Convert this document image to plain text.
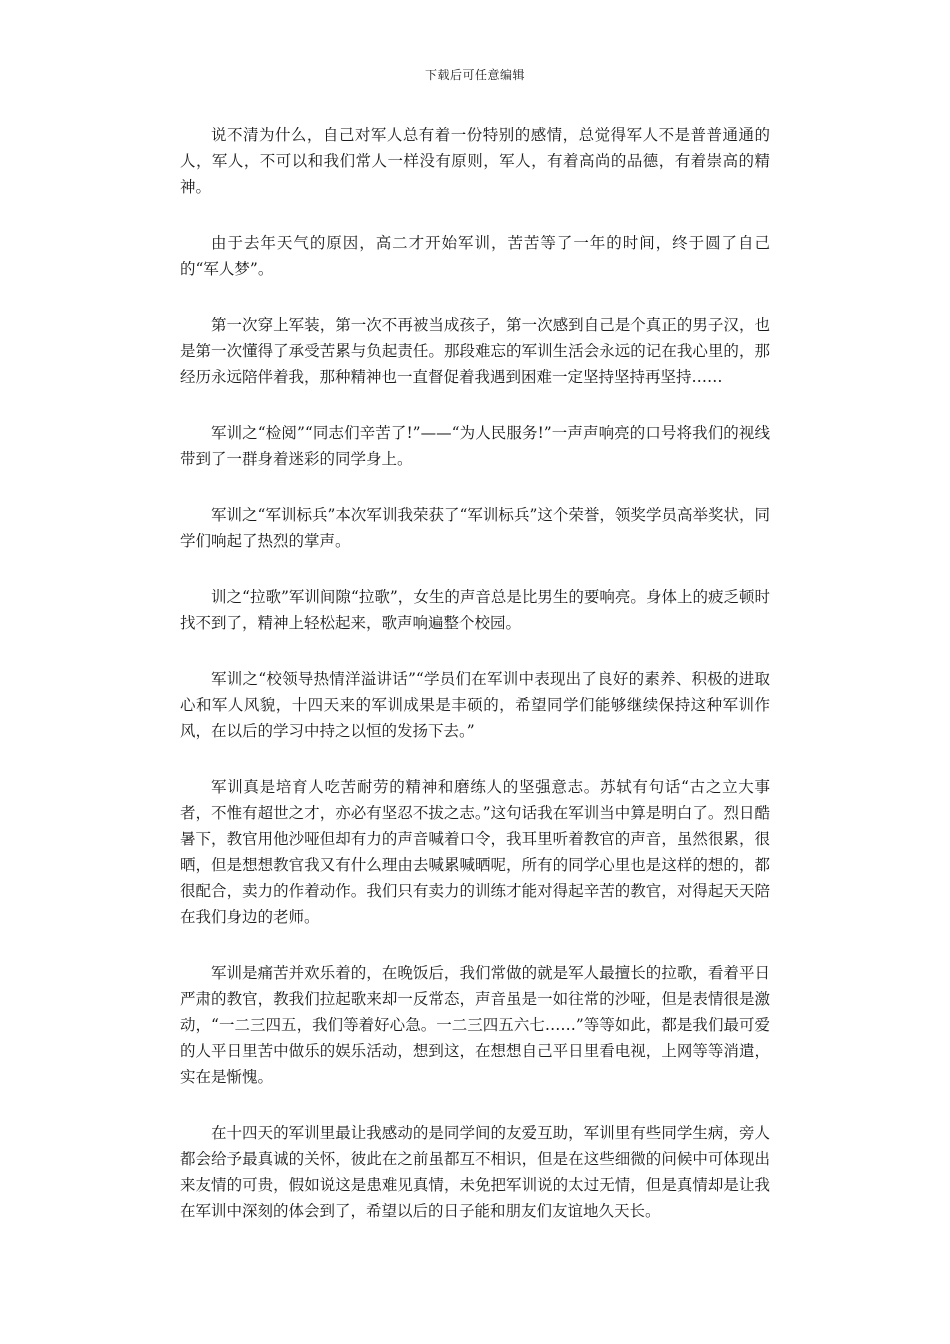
下载后可任意编辑

说不清为什么，自己对军人总有着一份特别的感情，总觉得军人不是普普通通的人，军人，不可以和我们常人一样没有原则，军人，有着高尚的品德，有着崇高的精神。

由于去年天气的原因，高二才开始军训，苦苦等了一年的时间，终于圆了自己的“军人梦”。

第一次穿上军装，第一次不再被当成孩子，第一次感到自己是个真正的男子汉，也是第一次懂得了承受苦累与负起责任。那段难忘的军训生活会永远的记在我心里的，那经历永远陪伴着我，那种精神也一直督促着我遇到困难一定坚持坚持再坚持……

军训之“检阅”“同志们辛苦了!”——“为人民服务!”一声声响亮的口号将我们的视线带到了一群身着迷彩的同学身上。

军训之“军训标兵”本次军训我荣获了“军训标兵”这个荣誉，领奖学员高举奖状，同学们响起了热烈的掌声。

训之“拉歌”军训间隙“拉歌”，女生的声音总是比男生的要响亮。身体上的疲乏顿时找不到了，精神上轻松起来，歌声响遍整个校园。

军训之“校领导热情洋溢讲话”“学员们在军训中表现出了良好的素养、积极的进取心和军人风貌，十四天来的军训成果是丰硕的，希望同学们能够继续保持这种军训作风，在以后的学习中持之以恒的发扬下去。”

军训真是培育人吃苦耐劳的精神和磨练人的坚强意志。苏轼有句话“古之立大事者，不惟有超世之才，亦必有坚忍不拔之志。”这句话我在军训当中算是明白了。烈日酷暑下，教官用他沙哑但却有力的声音喊着口令，我耳里听着教官的声音，虽然很累，很晒，但是想想教官我又有什么理由去喊累喊晒呢，所有的同学心里也是这样的想的，都很配合，卖力的作着动作。我们只有卖力的训练才能对得起辛苦的教官，对得起天天陪在我们身边的老师。

军训是痛苦并欢乐着的，在晚饭后，我们常做的就是军人最擅长的拉歌，看着平日严肃的教官，教我们拉起歌来却一反常态，声音虽是一如往常的沙哑，但是表情很是激动，“一二三四五，我们等着好心急。一二三四五六七……”等等如此，都是我们最可爱的人平日里苦中做乐的娱乐活动，想到这，在想想自己平日里看电视，上网等等消遣，实在是惭愧。

在十四天的军训里最让我感动的是同学间的友爱互助，军训里有些同学生病，旁人都会给予最真诚的关怀，彼此在之前虽都互不相识，但是在这些细微的问候中可体现出来友情的可贵，假如说这是患难见真情，未免把军训说的太过无情，但是真情却是让我在军训中深刻的体会到了，希望以后的日子能和朋友们友谊地久天长。
